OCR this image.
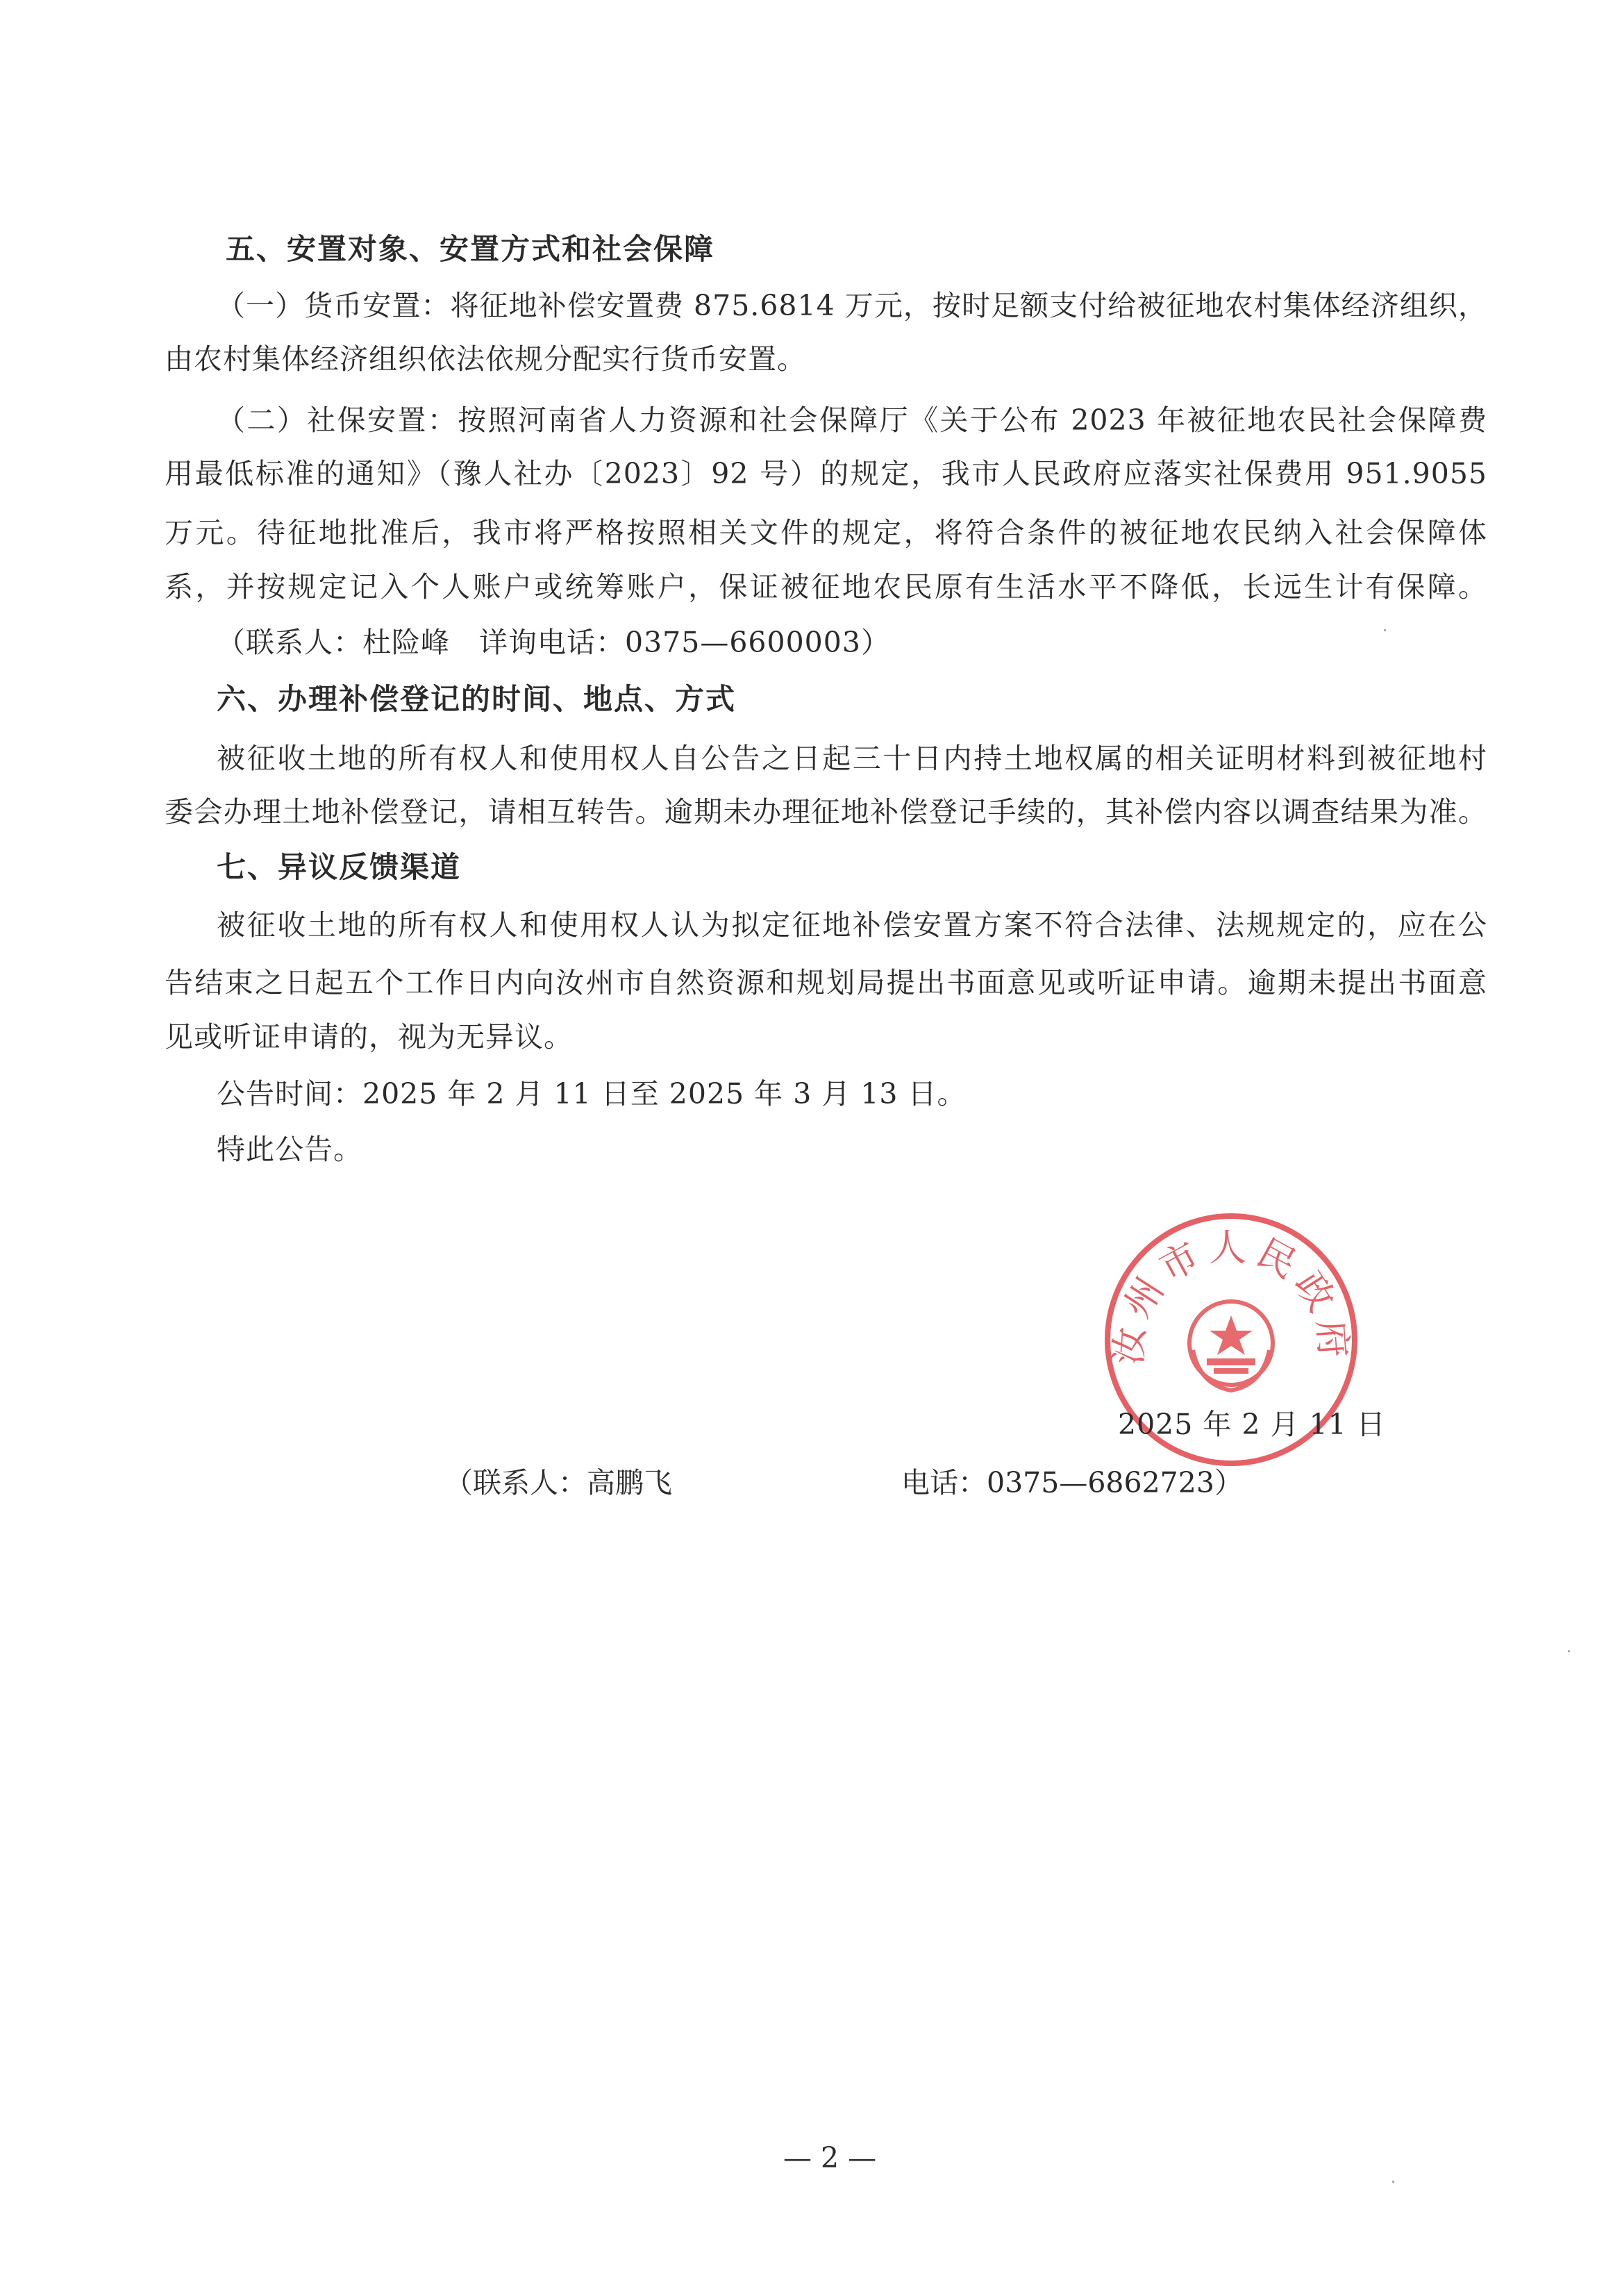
五、安置对象、安置方式和社会保障
（一）货币安置：将征地补偿安置费 875.6814 万元，按时足额支付给被征地农村集体经济组织，
由农村集体经济组织依法依规分配实行货币安置。
（二）社保安置：按照河南省人力资源和社会保障厅《关于公布 2023 年被征地农民社会保障费
用最低标准的通知》（豫人社办〔2023〕92 号）的规定，我市人民政府应落实社保费用 951.9055
万元。待征地批准后，我市将严格按照相关文件的规定，将符合条件的被征地农民纳入社会保障体
系，并按规定记入个人账户或统筹账户，保证被征地农民原有生活水平不降低，长远生计有保障。
（联系人：杜险峰　详询电话：0375—6600003）
六、办理补偿登记的时间、地点、方式
被征收土地的所有权人和使用权人自公告之日起三十日内持土地权属的相关证明材料到被征地村
委会办理土地补偿登记，请相互转告。逾期未办理征地补偿登记手续的，其补偿内容以调查结果为准。
七、异议反馈渠道
被征收土地的所有权人和使用权人认为拟定征地补偿安置方案不符合法律、法规规定的，应在公
告结束之日起五个工作日内向汝州市自然资源和规划局提出书面意见或听证申请。逾期未提出书面意
见或听证申请的，视为无异议。
公告时间：2025 年 2 月 11 日至 2025 年 3 月 13 日。
特此公告。
汝州市人民政府
2025 年 2 月 11 日
（联系人：高鹏飞	电话：0375—6862723）
— 2 —
